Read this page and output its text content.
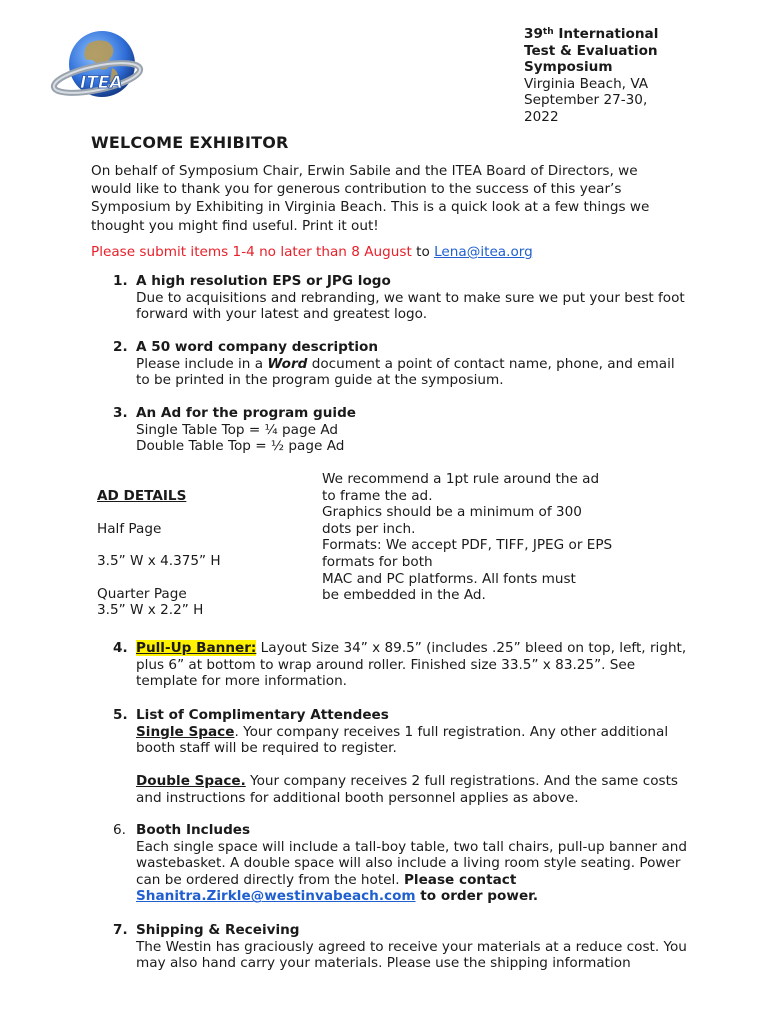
ITEA
39th International
Test & Evaluation
Symposium
Virginia Beach, VA
September 27-30,
2022
WELCOME EXHIBITOR
On behalf of Symposium Chair, Erwin Sabile and the ITEA Board of Directors, we would like to thank you for generous contribution to the success of this year’s Symposium by Exhibiting in Virginia Beach. This is a quick look at a few things we thought you might find useful. Print it out!
Please submit items 1-4 no later than 8 August to Lena@itea.org
1. A high resolution EPS or JPG logo
Due to acquisitions and rebranding, we want to make sure we put your best foot forward with your latest and greatest logo.
2. A 50 word company description
Please include in a Word document a point of contact name, phone, and email to be printed in the program guide at the symposium.
3. An Ad for the program guide
Single Table Top = ¼ page Ad
Double Table Top = ½ page Ad
AD DETAILS
Half Page
3.5” W x 4.375” H
Quarter Page
3.5” W x 2.2” H
We recommend a 1pt rule around the ad
to frame the ad.
Graphics should be a minimum of 300
dots per inch.
Formats: We accept PDF, TIFF, JPEG or EPS
formats for both
MAC and PC platforms. All fonts must
be embedded in the Ad.
4. Pull-Up Banner: Layout Size 34” x 89.5” (includes .25” bleed on top, left, right, plus 6” at bottom to wrap around roller. Finished size 33.5” x 83.25”. See template for more information.
5. List of Complimentary Attendees
Single Space. Your company receives 1 full registration. Any other additional booth staff will be required to register.
Double Space. Your company receives 2 full registrations. And the same costs and instructions for additional booth personnel applies as above.
6. Booth Includes
Each single space will include a tall-boy table, two tall chairs, pull-up banner and wastebasket. A double space will also include a living room style seating. Power can be ordered directly from the hotel. Please contact Shanitra.Zirkle@westinvabeach.com to order power.
7. Shipping & Receiving
The Westin has graciously agreed to receive your materials at a reduce cost. You may also hand carry your materials. Please use the shipping information
